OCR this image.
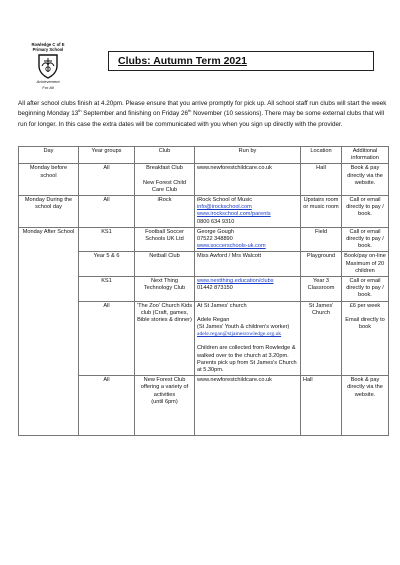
Rowledge C of E
Primary School
Achievement
For All
Clubs: Autumn Term 2021

All after school clubs finish at 4.20pm. Please ensure that you arrive promptly for pick up. All school staff run clubs will start the week beginning Monday 13th September and finishing on Friday 26th November (10 sessions). There may be some external clubs that will run for longer. In this case the extra dates will be communicated with you when you sign up directly with the provider.

Day	Year groups	Club	Run by	Location	Additional information
Monday before school	All	Breakfast Club
New Forest Child Care Club	www.newforestchildcare.co.uk	Hall	Book & pay directly via the website.
Monday During the school day	All	iRock	iRock School of Music
info@irockschool.com
www.irockschool.com/parents
0800 634 9310	Upstairs room or music room	Call or email directly to pay / book.
Monday After School	KS1	Football Soccer Schools UK Ltd	George Gough
07522 348890
www.soccerschools-uk.com	Field	Call or email directly to pay / book.
	Year 5 & 6	Netball Club	Miss Awford / Mrs Walcott	Playground	Book/pay on-line Maximum of 20 children
	KS1	Next Thing Technology Club	www.nextthing.education/clubs
01442 873150	Year 3 Classroom	Call or email directly to pay / book.
	All	'The Zoo' Church Kids club (Craft, games, Bible stories & dinner)	At St James' church
Adele Regan
(St James' Youth & children's worker)
adele.regan@stjamesrowledge.org.uk
Children are collected from Rowledge & walked over to the church at 3.20pm. Parents pick up from St James's Church at 5.30pm.	St James' Church	£6 per week
Email directly to book

	All	New Forest Club offering a variety of activities
(until 6pm)	www.newforestchildcare.co.uk	Hall	Book & pay directly via the website.
